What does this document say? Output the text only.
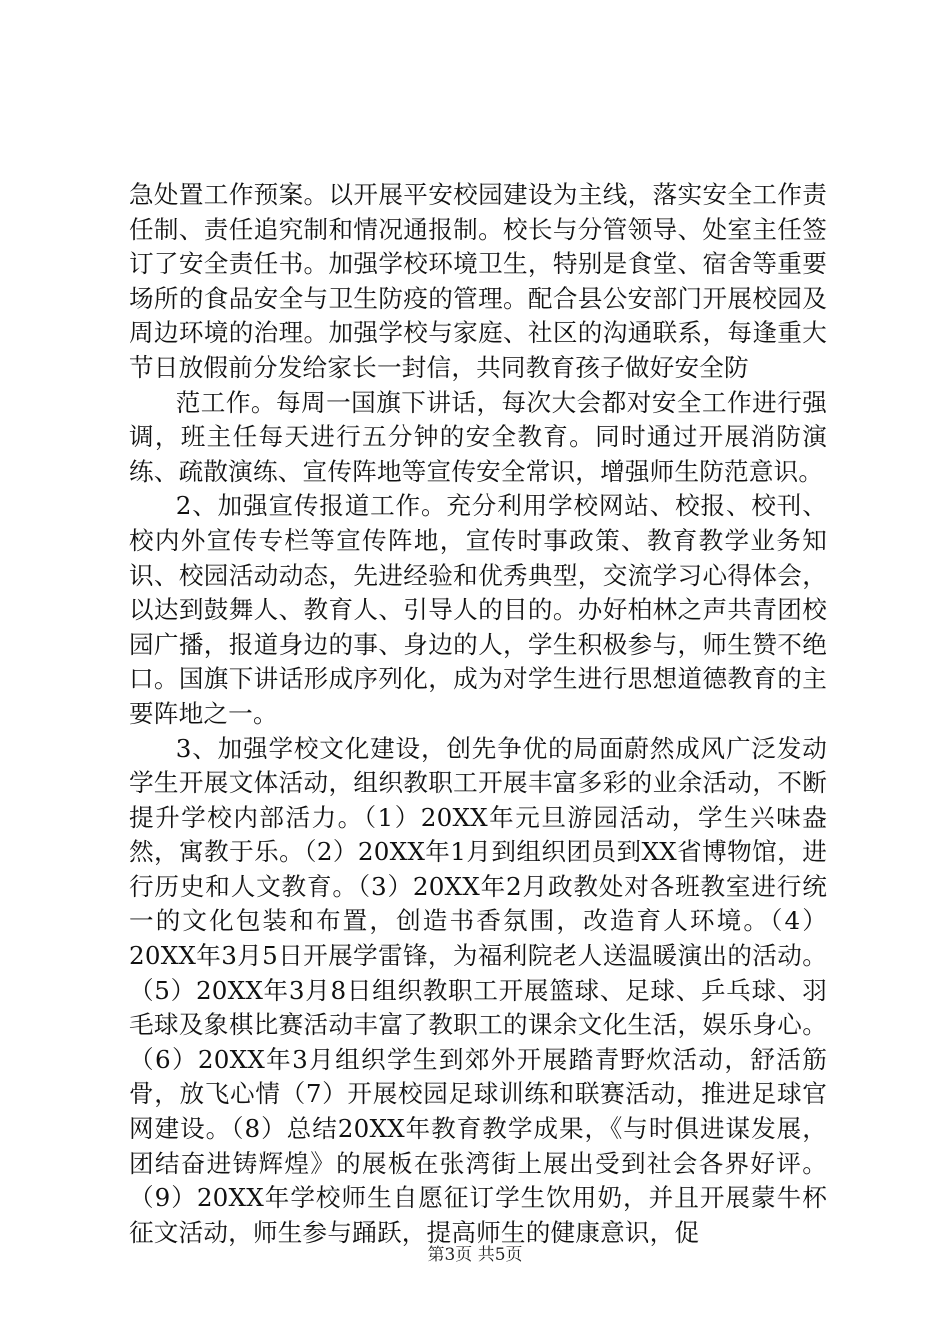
急处置工作预案。以开展平安校园建设为主线，落实安全工作责任制、责任追究制和情况通报制。校长与分管领导、处室主任签订了安全责任书。加强学校环境卫生，特别是食堂、宿舍等重要场所的食品安全与卫生防疫的管理。配合县公安部门开展校园及周边环境的治理。加强学校与家庭、社区的沟通联系，每逢重大节日放假前分发给家长一封信，共同教育孩子做好安全防

范工作。每周一国旗下讲话，每次大会都对安全工作进行强调，班主任每天进行五分钟的安全教育。同时通过开展消防演练、疏散演练、宣传阵地等宣传安全常识，增强师生防范意识。

2、加强宣传报道工作。充分利用学校网站、校报、校刊、校内外宣传专栏等宣传阵地，宣传时事政策、教育教学业务知识、校园活动动态，先进经验和优秀典型，交流学习心得体会，以达到鼓舞人、教育人、引导人的目的。办好柏林之声共青团校园广播，报道身边的事、身边的人，学生积极参与，师生赞不绝口。国旗下讲话形成序列化，成为对学生进行思想道德教育的主要阵地之一。

3、加强学校文化建设，创先争优的局面蔚然成风广泛发动学生开展文体活动，组织教职工开展丰富多彩的业余活动，不断提升学校内部活力。（1）20XX年元旦游园活动，学生兴味盎然，寓教于乐。（2）20XX年1月到组织团员到XX省博物馆，进行历史和人文教育。（3）20XX年2月政教处对各班教室进行统一的文化包装和布置，创造书香氛围，改造育人环境。（4）20XX年3月5日开展学雷锋，为福利院老人送温暖演出的活动。（5）20XX年3月8日组织教职工开展篮球、足球、乒乓球、羽毛球及象棋比赛活动丰富了教职工的课余文化生活，娱乐身心。（6）20XX年3月组织学生到郊外开展踏青野炊活动，舒活筋骨，放飞心情（7）开展校园足球训练和联赛活动，推进足球官网建设。（8）总结20XX年教育教学成果，《与时俱进谋发展，团结奋进铸辉煌》的展板在张湾街上展出受到社会各界好评。（9）20XX年学校师生自愿征订学生饮用奶，并且开展蒙牛杯征文活动，师生参与踊跃，提高师生的健康意识，促

第3页 共5页
